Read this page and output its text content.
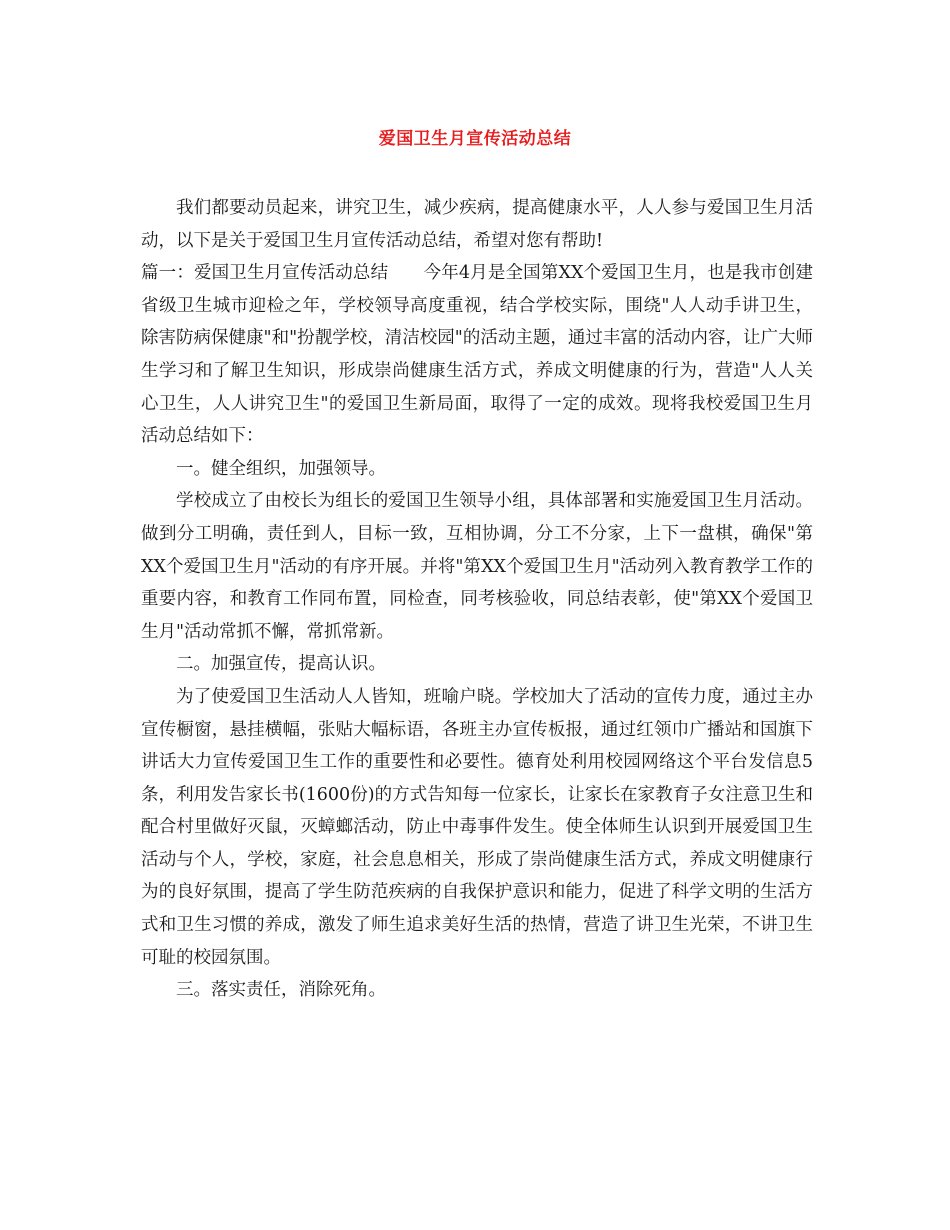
爱国卫生月宣传活动总结

我们都要动员起来，讲究卫生，减少疾病，提高健康水平，人人参与爱国卫生月活动，以下是关于爱国卫生月宣传活动总结，希望对您有帮助!

篇一：爱国卫生月宣传活动总结　　今年4月是全国第XX个爱国卫生月，也是我市创建省级卫生城市迎检之年，学校领导高度重视，结合学校实际，围绕"人人动手讲卫生，除害防病保健康"和"扮靓学校，清洁校园"的活动主题，通过丰富的活动内容，让广大师生学习和了解卫生知识，形成崇尚健康生活方式，养成文明健康的行为，营造"人人关心卫生，人人讲究卫生"的爱国卫生新局面，取得了一定的成效。现将我校爱国卫生月活动总结如下：

一。健全组织，加强领导。

学校成立了由校长为组长的爱国卫生领导小组，具体部署和实施爱国卫生月活动。做到分工明确，责任到人，目标一致，互相协调，分工不分家，上下一盘棋，确保"第XX个爱国卫生月"活动的有序开展。并将"第XX个爱国卫生月"活动列入教育教学工作的重要内容，和教育工作同布置，同检查，同考核验收，同总结表彰，使"第XX个爱国卫生月"活动常抓不懈，常抓常新。

二。加强宣传，提高认识。

为了使爱国卫生活动人人皆知，班喻户晓。学校加大了活动的宣传力度，通过主办宣传橱窗，悬挂横幅，张贴大幅标语，各班主办宣传板报，通过红领巾广播站和国旗下讲话大力宣传爱国卫生工作的重要性和必要性。德育处利用校园网络这个平台发信息5条，利用发告家长书(1600份)的方式告知每一位家长，让家长在家教育子女注意卫生和配合村里做好灭鼠，灭蟑螂活动，防止中毒事件发生。使全体师生认识到开展爱国卫生活动与个人，学校，家庭，社会息息相关，形成了崇尚健康生活方式，养成文明健康行为的良好氛围，提高了学生防范疾病的自我保护意识和能力，促进了科学文明的生活方式和卫生习惯的养成，激发了师生追求美好生活的热情，营造了讲卫生光荣，不讲卫生可耻的校园氛围。

三。落实责任，消除死角。
